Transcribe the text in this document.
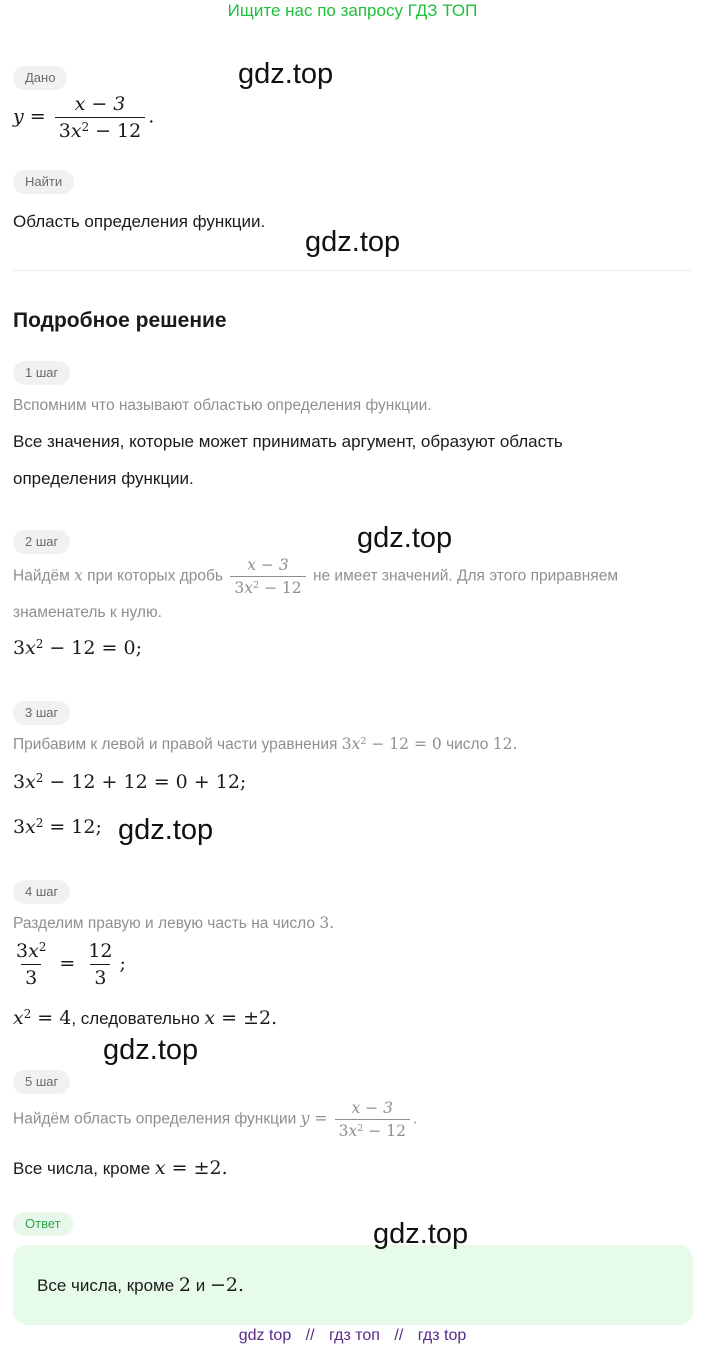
Ищите нас по запросу ГДЗ ТОП
Дано
$y = \frac{x - 3}{3x^2 - 12}$ .
Найти
Область определения функции.
Подробное решение
1 шаг
Вспомним что называют областью определения функции.
Все значения, которые может принимать аргумент, образуют область
определения функции.
2 шаг
Найдём x при которых дробь $\frac{x - 3}{3x^2 - 12}$ не имеет значений. Для этого приравняем
знаменатель к нулю.
$3x^2 - 12 = 0$;
3 шаг
Прибавим к левой и правой части уравнения $3x^2 - 12 = 0$ число 12.
$3x^2 - 12 + 12 = 0 + 12$;
$3x^2 = 12$;
4 шаг
Разделим правую и левую часть на число 3.
$\frac{3x^2}{3} = \frac{12}{3}$ ;
$x^2 = 4$, следовательно x = ±2.
5 шаг
Найдём область определения функции $y = \frac{x - 3}{3x^2 - 12}$ .
Все числа, кроме x = ±2.
Ответ
Все числа, кроме 2 и −2.
gdz.top
gdz.top
gdz.top
gdz.top
gdz.top
gdz.top
gdz top // гдз топ // гдз top
